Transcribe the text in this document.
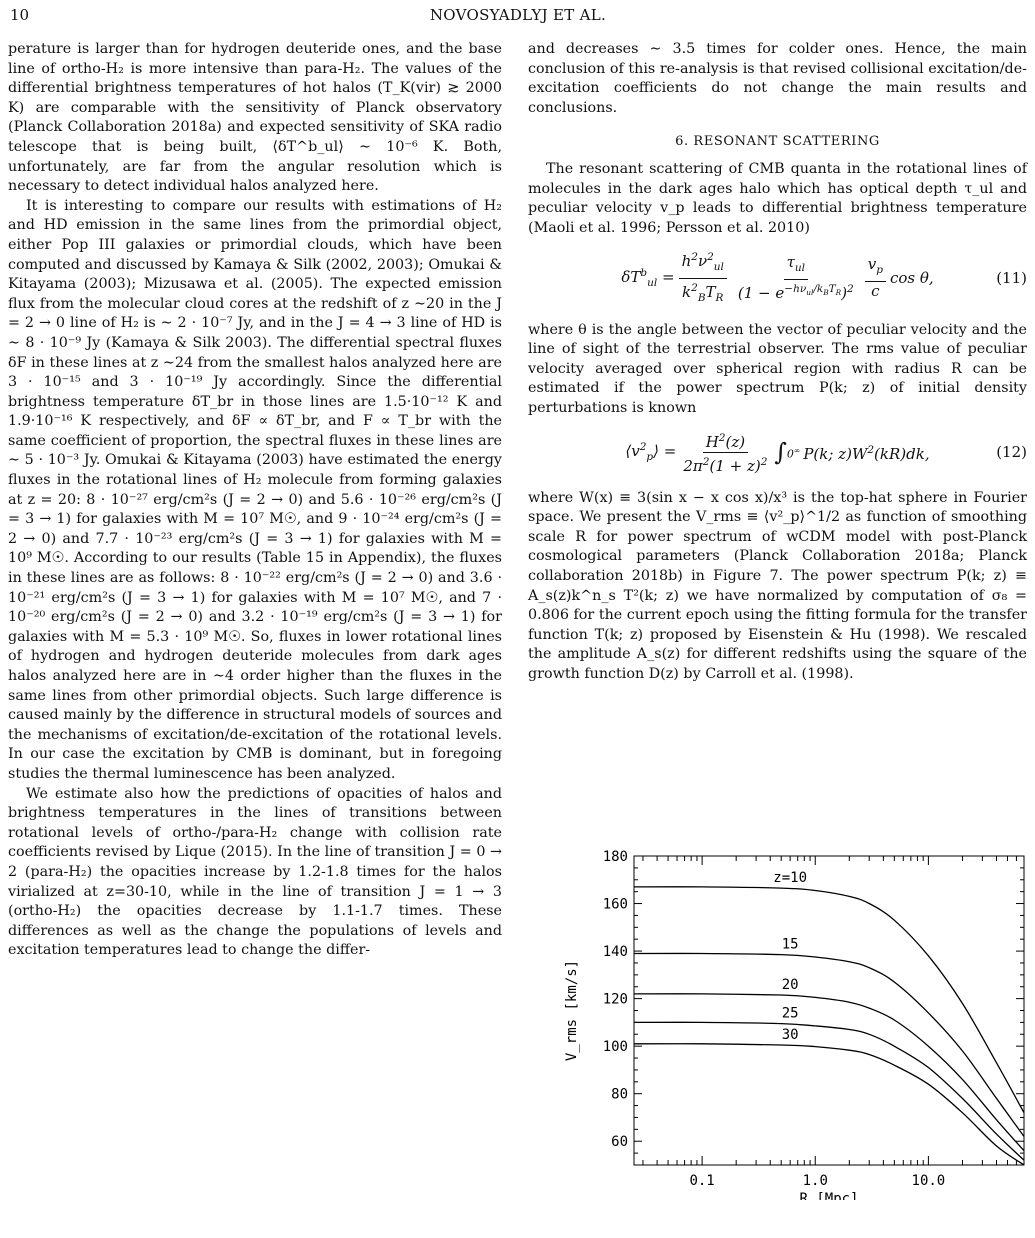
10	NOVOSYADLYJ ET AL.

perature is larger than for hydrogen deuteride ones, and the base line of ortho-H₂ is more intensive than para-H₂. The values of the differential brightness temperatures of hot halos (T_K(vir) ≳ 2000 K) are comparable with the sensitivity of Planck observatory (Planck Collaboration 2018a) and expected sensitivity of SKA radio telescope that is being built, ⟨δT^b_ul⟩ ∼ 10⁻⁶ K. Both, unfortunately, are far from the angular resolution which is necessary to detect individual halos analyzed here.

It is interesting to compare our results with estimations of H₂ and HD emission in the same lines from the primordial object, either Pop III galaxies or primordial clouds, which have been computed and discussed by Kamaya & Silk (2002, 2003); Omukai & Kitayama (2003); Mizusawa et al. (2005). The expected emission flux from the molecular cloud cores at the redshift of z ∼20 in the J = 2 → 0 line of H₂ is ∼ 2 · 10⁻⁷ Jy, and in the J = 4 → 3 line of HD is ∼ 8 · 10⁻⁹ Jy (Kamaya & Silk 2003). The differential spectral fluxes δF in these lines at z ∼24 from the smallest halos analyzed here are 3 · 10⁻¹⁵ and 3 · 10⁻¹⁹ Jy accordingly. Since the differential brightness temperature δT_br in those lines are 1.5·10⁻¹² K and 1.9·10⁻¹⁶ K respectively, and δF ∝ δT_br, and F ∝ T_br with the same coefficient of proportion, the spectral fluxes in these lines are ∼ 5 · 10⁻³ Jy. Omukai & Kitayama (2003) have estimated the energy fluxes in the rotational lines of H₂ molecule from forming galaxies at z = 20: 8 · 10⁻²⁷ erg/cm²s (J = 2 → 0) and 5.6 · 10⁻²⁶ erg/cm²s (J = 3 → 1) for galaxies with M = 10⁷ M☉, and 9 · 10⁻²⁴ erg/cm²s (J = 2 → 0) and 7.7 · 10⁻²³ erg/cm²s (J = 3 → 1) for galaxies with M = 10⁹ M☉. According to our results (Table 15 in Appendix), the fluxes in these lines are as follows: 8 · 10⁻²² erg/cm²s (J = 2 → 0) and 3.6 · 10⁻²¹ erg/cm²s (J = 3 → 1) for galaxies with M = 10⁷ M☉, and 7 · 10⁻²⁰ erg/cm²s (J = 2 → 0) and 3.2 · 10⁻¹⁹ erg/cm²s (J = 3 → 1) for galaxies with M = 5.3 · 10⁹ M☉. So, fluxes in lower rotational lines of hydrogen and hydrogen deuteride molecules from dark ages halos analyzed here are in ∼4 order higher than the fluxes in the same lines from other primordial objects. Such large difference is caused mainly by the difference in structural models of sources and the mechanisms of excitation/de-excitation of the rotational levels. In our case the excitation by CMB is dominant, but in foregoing studies the thermal luminescence has been analyzed.

We estimate also how the predictions of opacities of halos and brightness temperatures in the lines of transitions between rotational levels of ortho-/para-H₂ change with collision rate coefficients revised by Lique (2015). In the line of transition J = 0 → 2 (para-H₂) the opacities increase by 1.2-1.8 times for the halos virialized at z=30-10, while in the line of transition J = 1 → 3 (ortho-H₂) the opacities decrease by 1.1-1.7 times. These differences as well as the change the populations of levels and excitation temperatures lead to change the differ-

and decreases ∼ 3.5 times for colder ones. Hence, the main conclusion of this re-analysis is that revised collisional excitation/de-excitation coefficients do not change the main results and conclusions.

6. RESONANT SCATTERING

The resonant scattering of CMB quanta in the rotational lines of molecules in the dark ages halo which has optical depth τ_ul and peculiar velocity v_p leads to differential brightness temperature (Maoli et al. 1996; Persson et al. 2010)

$\delta T^b_{ul} = \frac{h^2\nu^2_{ul}}{k^2_BT_R} \frac{\tau_{ul}}{(1 - e^{-h\nu_{ul}/k_BT_R})^2} \frac{v_p}{c}$ cos θ,	(11)

where θ is the angle between the vector of peculiar velocity and the line of sight of the terrestrial observer. The rms value of peculiar velocity averaged over spherical region with radius R can be estimated if the power spectrum P(k; z) of initial density perturbations is known

$⟨v^2_p⟩ = \frac{H^2(z)}{2\pi^2(1 + z)^2}$ ∫ 0∞ P(k; $z)W^2(kR)dk$,	(12)

where W(x) ≡ 3(sin x − x cos x)/x³ is the top-hat sphere in Fourier space. We present the V_rms ≡ ⟨v²_p⟩^1/2 as function of smoothing scale R for power spectrum of wCDM model with post-Planck cosmological parameters (Planck Collaboration 2018a; Planck collaboration 2018b) in Figure 7. The power spectrum P(k; z) ≡ A_s(z)k^n_s T²(k; z) we have normalized by computation of σ₈ = 0.806 for the current epoch using the fitting formula for the transfer function T(k; z) proposed by Eisenstein & Hu (1998). We rescaled the amplitude A_s(z) for different redshifts using the square of the growth function D(z) by Carroll et al. (1998).

60
80
100
120
140
160
180
0.1	1.0	10.0
R [Mpc]
V_rms [km/s]
z=10
15
20
25
30
